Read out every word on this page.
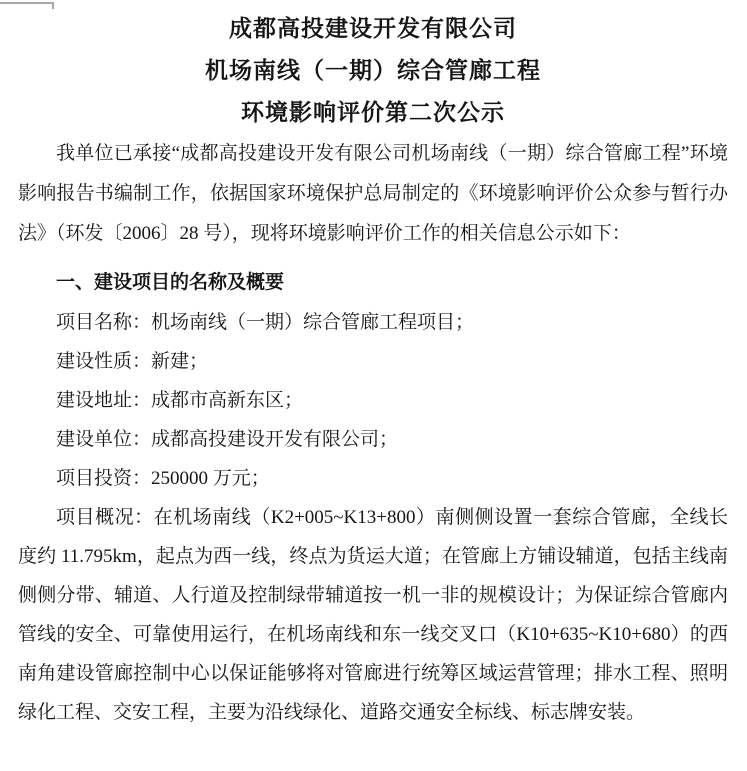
成都高投建设开发有限公司
机场南线（一期）综合管廊工程
环境影响评价第二次公示

我单位已承接“成都高投建设开发有限公司机场南线（一期）综合管廊工程”环境影响报告书编制工作，依据国家环境保护总局制定的《环境影响评价公众参与暂行办法》（环发〔2006〕28 号），现将环境影响评价工作的相关信息公示如下：

一、建设项目的名称及概要

项目名称：机场南线（一期）综合管廊工程项目；

建设性质：新建；

建设地址：成都市高新东区；

建设单位：成都高投建设开发有限公司；

项目投资：250000 万元；

项目概况：在机场南线（K2+005~K13+800）南侧侧设置一套综合管廊，全线长度约 11.795km，起点为西一线，终点为货运大道；在管廊上方铺设辅道，包括主线南侧侧分带、辅道、人行道及控制绿带辅道按一机一非的规模设计；为保证综合管廊内管线的安全、可靠使用运行，在机场南线和东一线交叉口（K10+635~K10+680）的西南角建设管廊控制中心以保证能够将对管廊进行统筹区域运营管理；排水工程、照明绿化工程、交安工程，主要为沿线绿化、道路交通安全标线、标志牌安装。
